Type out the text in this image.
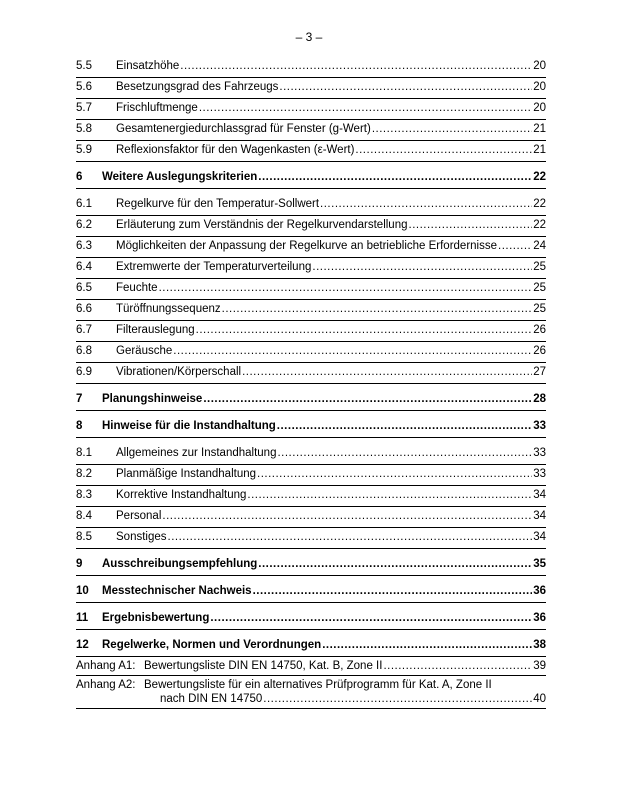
– 3 –
5.5 Einsatzhöhe .....	20
5.6 Besetzungsgrad des Fahrzeugs .....	20
5.7 Frischluftmenge .....	20
5.8 Gesamtenergiedurchlassgrad für Fenster (g-Wert) .....	21
5.9 Reflexionsfaktor für den Wagenkasten (ε-Wert) .....	21
6 Weitere Auslegungskriterien .....	22
6.1 Regelkurve für den Temperatur-Sollwert .....	22
6.2 Erläuterung zum Verständnis der Regelkurvendarstellung .....	22
6.3 Möglichkeiten der Anpassung der Regelkurve an betriebliche Erfordernisse .....	24
6.4 Extremwerte der Temperaturverteilung .....	25
6.5 Feuchte .....	25
6.6 Türöffnungssequenz .....	25
6.7 Filterauslegung .....	26
6.8 Geräusche .....	26
6.9 Vibrationen/Körperschall .....	27
7 Planungshinweise .....	28
8 Hinweise für die Instandhaltung .....	33
8.1 Allgemeines zur Instandhaltung .....	33
8.2 Planmäßige Instandhaltung .....	33
8.3 Korrektive Instandhaltung .....	34
8.4 Personal .....	34
8.5 Sonstiges .....	34
9 Ausschreibungsempfehlung .....	35
10 Messtechnischer Nachweis .....	36
11 Ergebnisbewertung .....	36
12 Regelwerke, Normen und Verordnungen .....	38
Anhang A1: Bewertungsliste DIN EN 14750, Kat. B, Zone II .....	39
Anhang A2: Bewertungsliste für ein alternatives Prüfprogramm für Kat. A, Zone II
nach DIN EN 14750 .....	40
